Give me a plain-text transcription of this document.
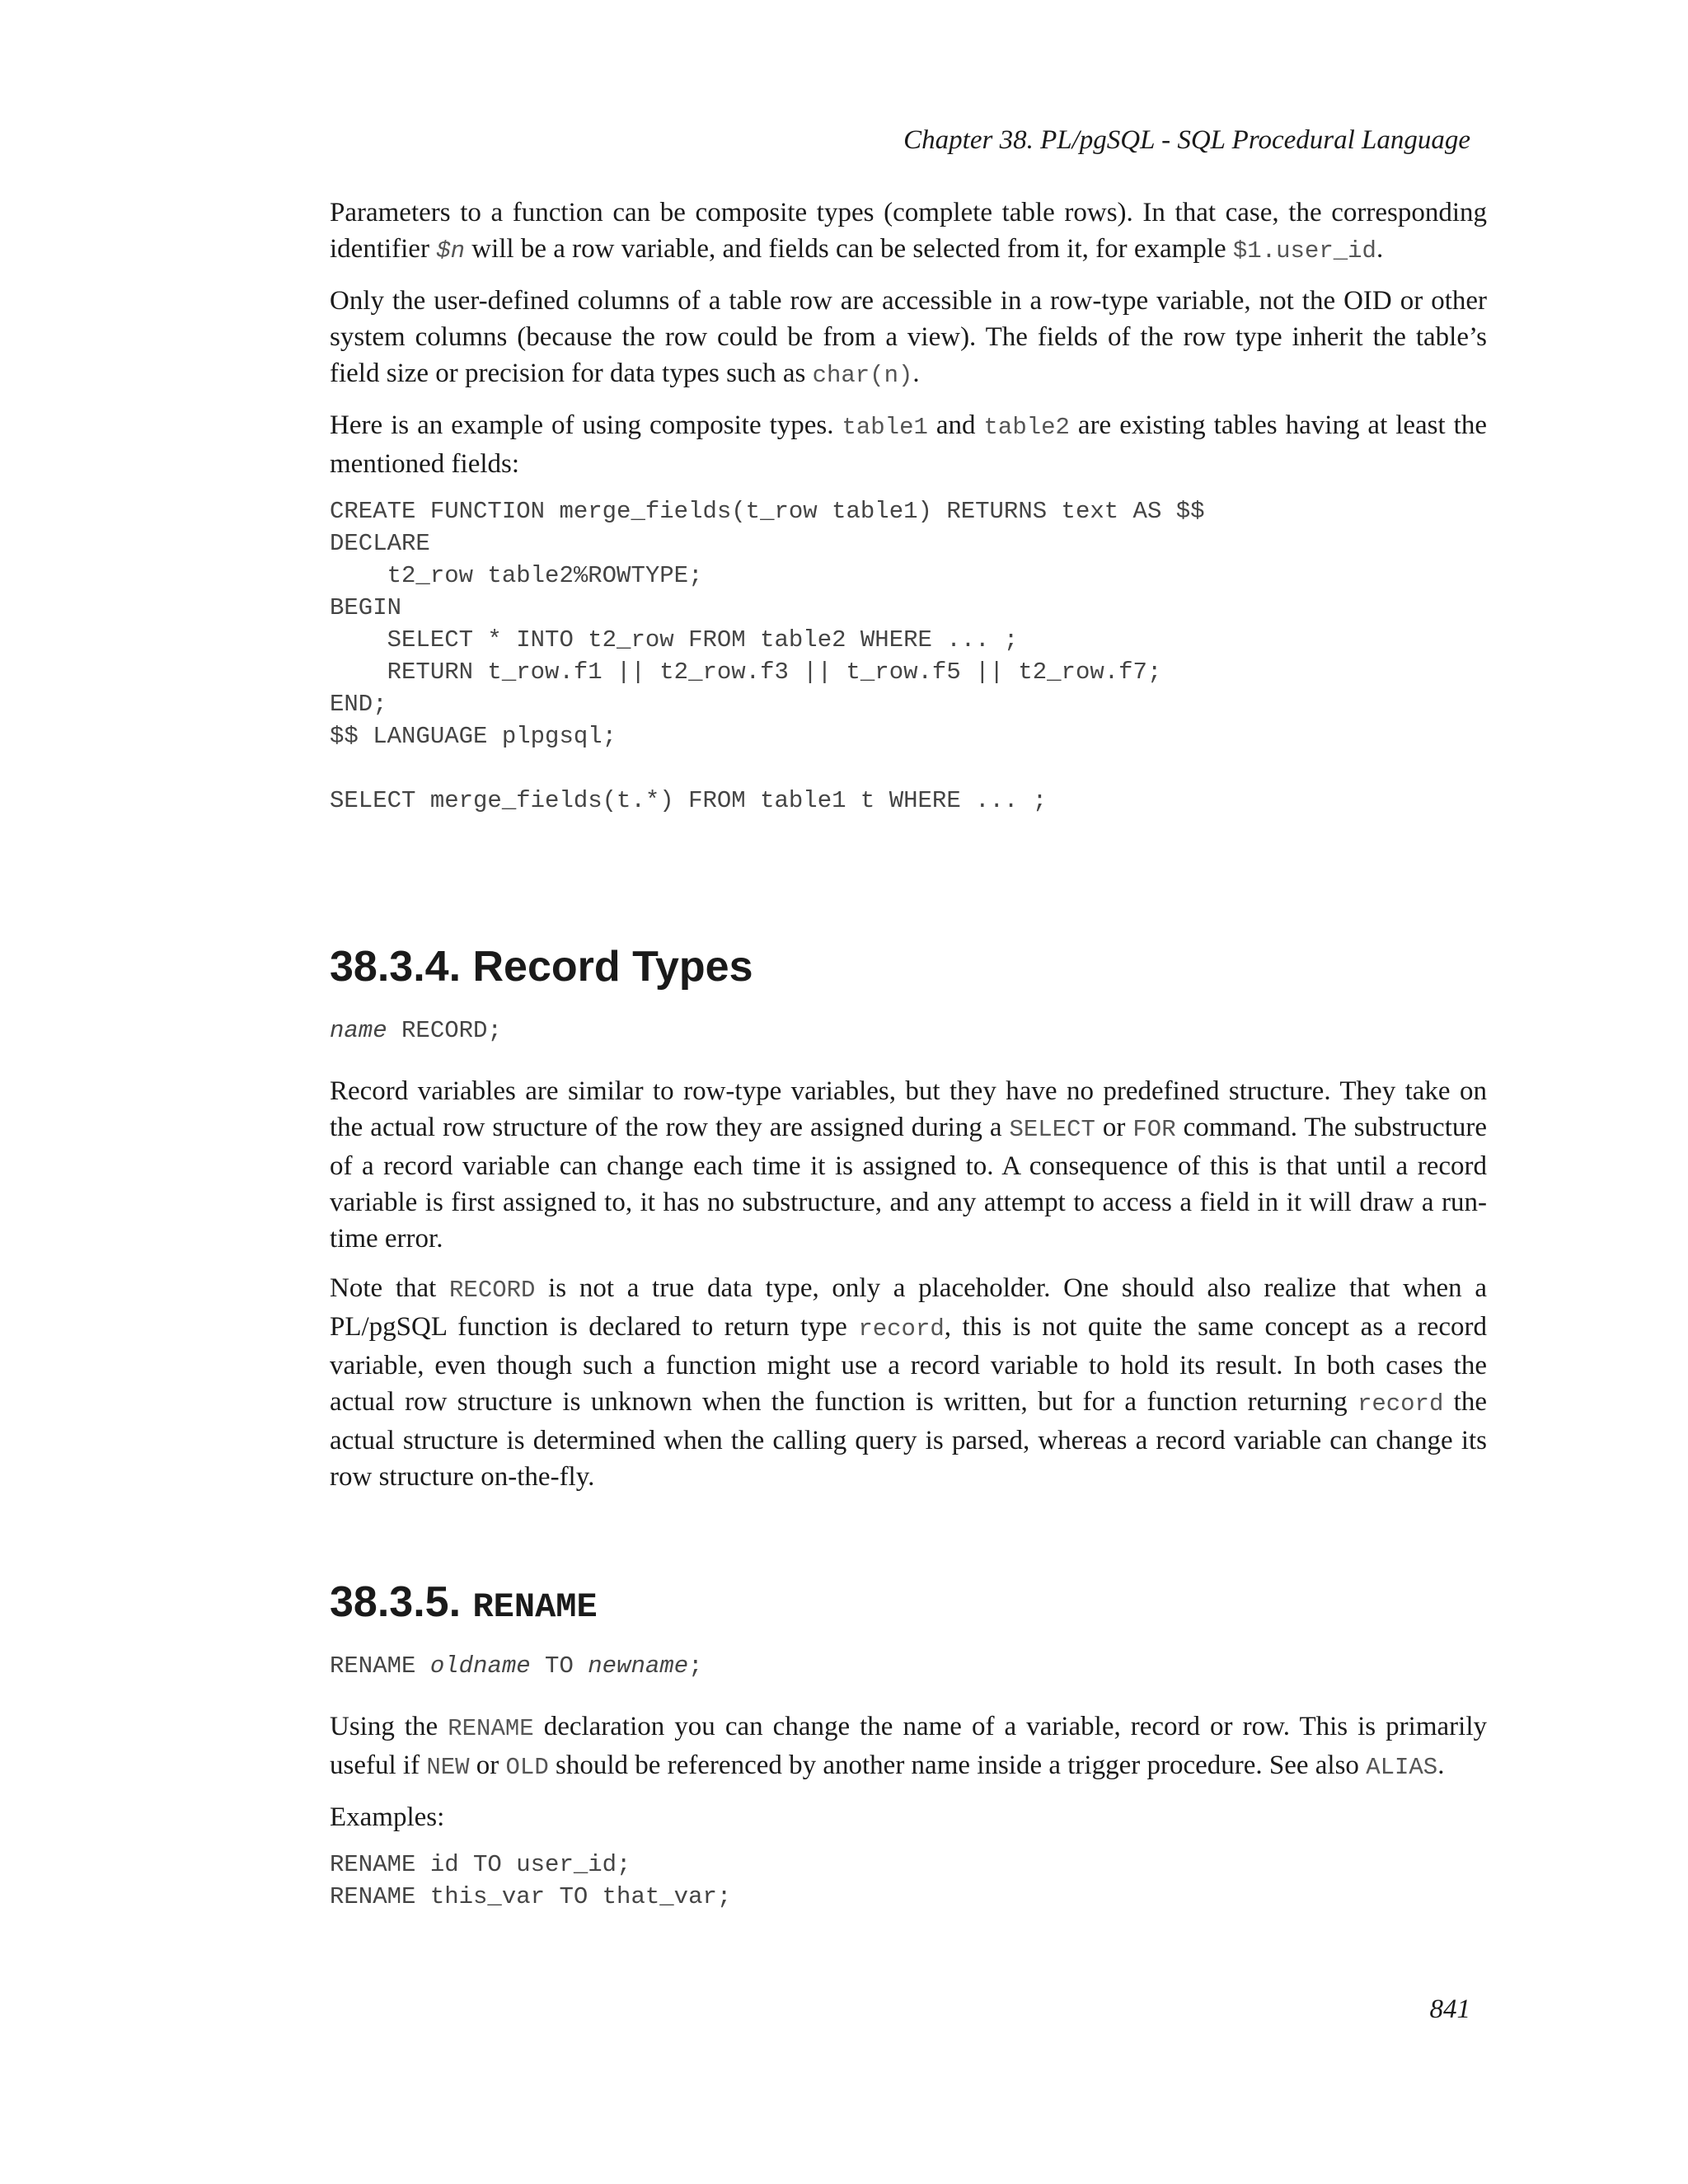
Chapter 38. PL/pgSQL - SQL Procedural Language

Parameters to a function can be composite types (complete table rows). In that case, the corresponding identifier $n will be a row variable, and fields can be selected from it, for example $1.user_id.

Only the user-defined columns of a table row are accessible in a row-type variable, not the OID or other system columns (because the row could be from a view). The fields of the row type inherit the table’s field size or precision for data types such as char(n).

Here is an example of using composite types. table1 and table2 are existing tables having at least the mentioned fields:

CREATE FUNCTION merge_fields(t_row table1) RETURNS text AS $$
DECLARE
t2_row table2%ROWTYPE;
BEGIN
SELECT * INTO t2_row FROM table2 WHERE ... ;
RETURN t_row.f1 || t2_row.f3 || t_row.f5 || t2_row.f7;
END;
$$ LANGUAGE plpgsql;

SELECT merge_fields(t.*) FROM table1 t WHERE ... ;
38.3.4. Record Types
name RECORD;

Record variables are similar to row-type variables, but they have no predefined structure. They take on the actual row structure of the row they are assigned during a SELECT or FOR command. The substructure of a record variable can change each time it is assigned to. A consequence of this is that until a record variable is first assigned to, it has no substructure, and any attempt to access a field in it will draw a run-time error.

Note that RECORD is not a true data type, only a placeholder. One should also realize that when a PL/pgSQL function is declared to return type record, this is not quite the same concept as a record variable, even though such a function might use a record variable to hold its result. In both cases the actual row structure is unknown when the function is written, but for a function returning record the actual structure is determined when the calling query is parsed, whereas a record variable can change its row structure on-the-fly.

38.3.5. RENAME
RENAME oldname TO newname;

Using the RENAME declaration you can change the name of a variable, record or row. This is primarily useful if NEW or OLD should be referenced by another name inside a trigger procedure. See also ALIAS.

Examples:

RENAME id TO user_id;
RENAME this_var TO that_var;
841
